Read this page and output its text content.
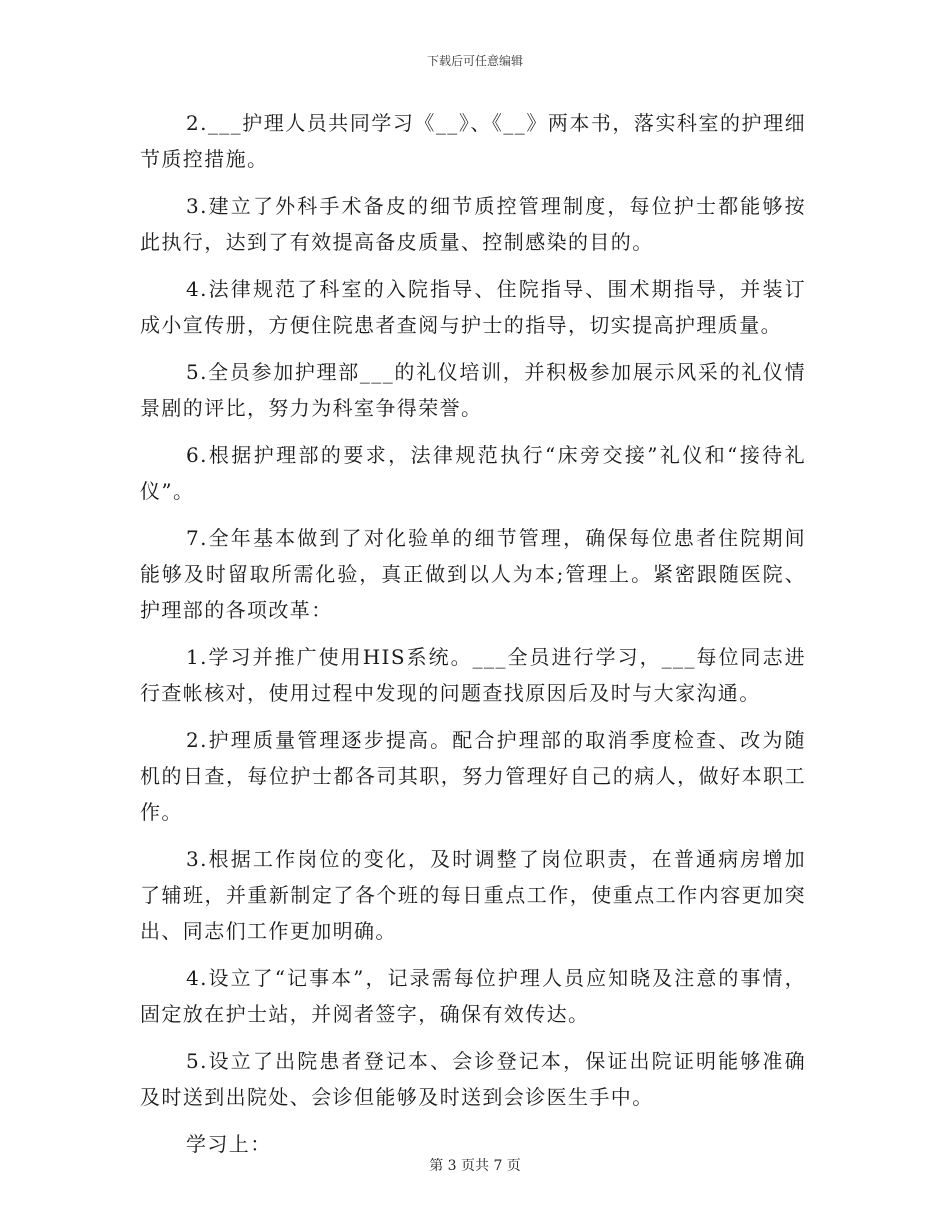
下载后可任意编辑

2.___护理人员共同学习《__》、《__》两本书，落实科室的护理细节质控措施。

3.建立了外科手术备皮的细节质控管理制度，每位护士都能够按此执行，达到了有效提高备皮质量、控制感染的目的。

4.法律规范了科室的入院指导、住院指导、围术期指导，并装订成小宣传册，方便住院患者查阅与护士的指导，切实提高护理质量。

5.全员参加护理部___的礼仪培训，并积极参加展示风采的礼仪情景剧的评比，努力为科室争得荣誉。

6.根据护理部的要求，法律规范执行“床旁交接”礼仪和“接待礼仪”。

7.全年基本做到了对化验单的细节管理，确保每位患者住院期间能够及时留取所需化验，真正做到以人为本;管理上。紧密跟随医院、护理部的各项改革：

1.学习并推广使用HIS系统。___全员进行学习，___每位同志进行查帐核对，使用过程中发现的问题查找原因后及时与大家沟通。

2.护理质量管理逐步提高。配合护理部的取消季度检查、改为随机的日查，每位护士都各司其职，努力管理好自己的病人，做好本职工作。

3.根据工作岗位的变化，及时调整了岗位职责，在普通病房增加了辅班，并重新制定了各个班的每日重点工作，使重点工作内容更加突出、同志们工作更加明确。

4.设立了“记事本”，记录需每位护理人员应知晓及注意的事情，固定放在护士站，并阅者签字，确保有效传达。

5.设立了出院患者登记本、会诊登记本，保证出院证明能够准确及时送到出院处、会诊但能够及时送到会诊医生手中。

学习上：

第 3 页共 7 页
